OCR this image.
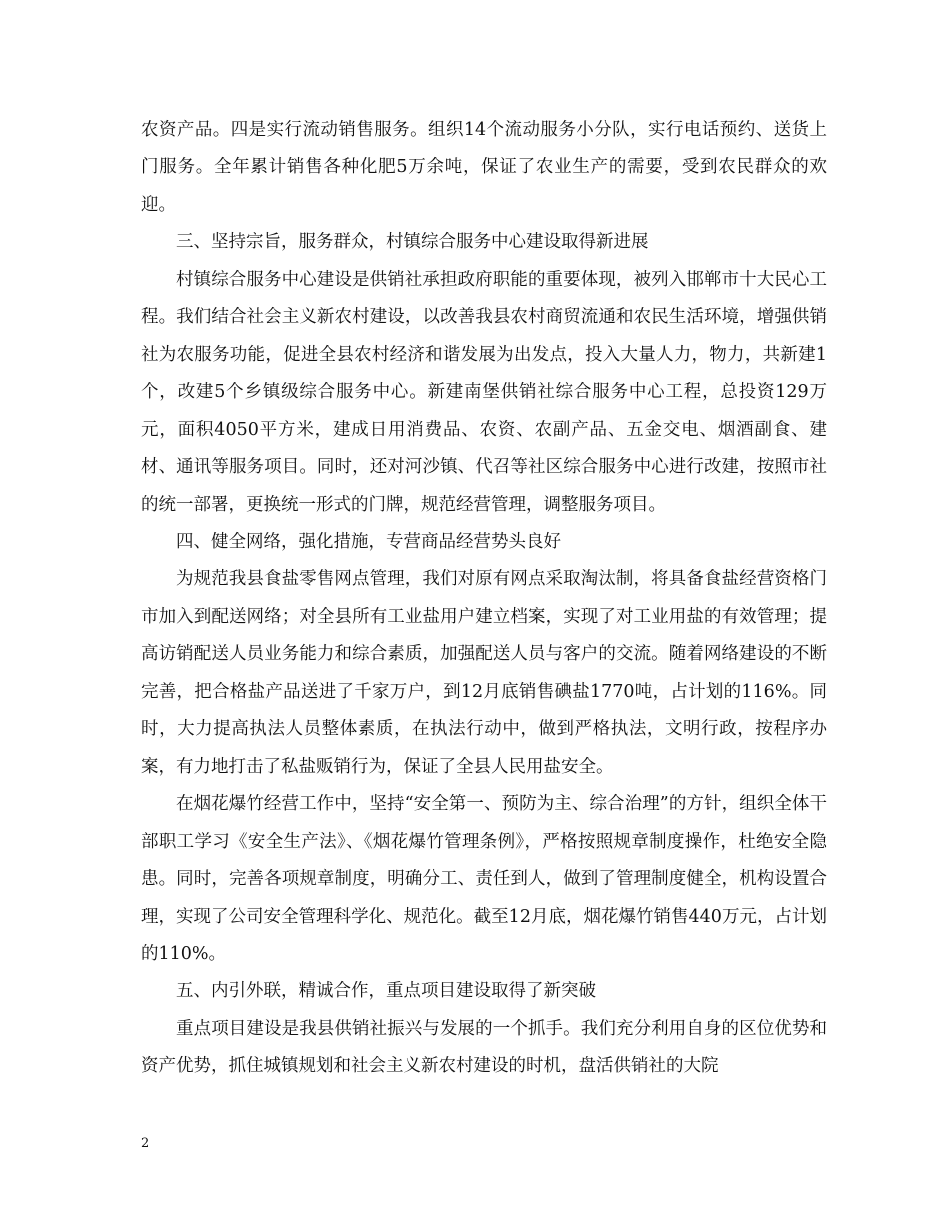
农资产品。四是实行流动销售服务。组织14个流动服务小分队，实行电话预约、送货上门服务。全年累计销售各种化肥5万余吨，保证了农业生产的需要，受到农民群众的欢迎。

三、坚持宗旨，服务群众，村镇综合服务中心建设取得新进展

村镇综合服务中心建设是供销社承担政府职能的重要体现，被列入邯郸市十大民心工程。我们结合社会主义新农村建设，以改善我县农村商贸流通和农民生活环境，增强供销社为农服务功能，促进全县农村经济和谐发展为出发点，投入大量人力，物力，共新建1个，改建5个乡镇级综合服务中心。新建南堡供销社综合服务中心工程，总投资129万元，面积4050平方米，建成日用消费品、农资、农副产品、五金交电、烟酒副食、建材、通讯等服务项目。同时，还对河沙镇、代召等社区综合服务中心进行改建，按照市社的统一部署，更换统一形式的门牌，规范经营管理，调整服务项目。

四、健全网络，强化措施，专营商品经营势头良好

为规范我县食盐零售网点管理，我们对原有网点采取淘汰制，将具备食盐经营资格门市加入到配送网络；对全县所有工业盐用户建立档案，实现了对工业用盐的有效管理；提高访销配送人员业务能力和综合素质，加强配送人员与客户的交流。随着网络建设的不断完善，把合格盐产品送进了千家万户，到12月底销售碘盐1770吨，占计划的116%。同时，大力提高执法人员整体素质，在执法行动中，做到严格执法，文明行政，按程序办案，有力地打击了私盐贩销行为，保证了全县人民用盐安全。

在烟花爆竹经营工作中，坚持“安全第一、预防为主、综合治理”的方针，组织全体干部职工学习《安全生产法》、《烟花爆竹管理条例》，严格按照规章制度操作，杜绝安全隐患。同时，完善各项规章制度，明确分工、责任到人，做到了管理制度健全，机构设置合理，实现了公司安全管理科学化、规范化。截至12月底，烟花爆竹销售440万元，占计划的110%。

五、内引外联，精诚合作，重点项目建设取得了新突破

重点项目建设是我县供销社振兴与发展的一个抓手。我们充分利用自身的区位优势和资产优势，抓住城镇规划和社会主义新农村建设的时机，盘活供销社的大院

2
